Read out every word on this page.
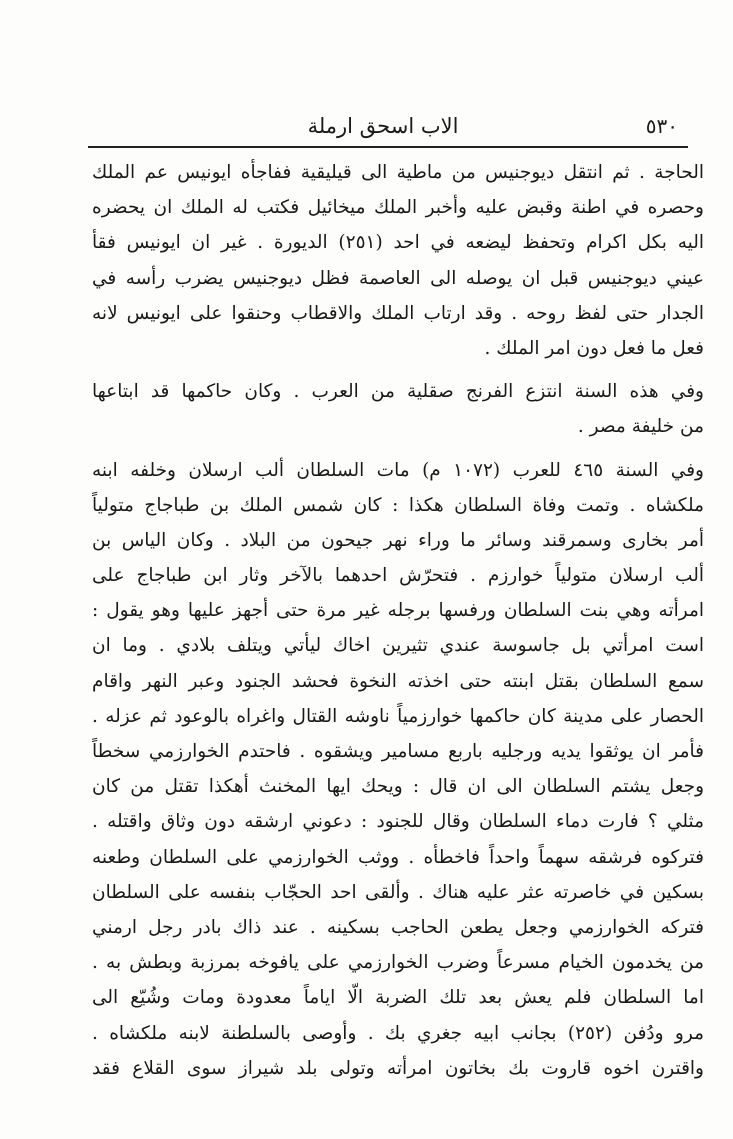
٥٣٠
الاب اسحق ارملة
الحاجة . ثم انتقل ديوجنيس من ماطية الى قيليقية ففاجأه ايونيس عم الملك
وحصره في اطنة وقبض عليه وأخبر الملك ميخائيل فكتب له الملك ان يحضره
اليه بكل اكرام وتحفظ ليضعه في احد (٢٥١) الديورة . غير ان ايونيس فقأ
عيني ديوجنيس قبل ان يوصله الى العاصمة فظل ديوجنيس يضرب رأسه في
الجدار حتى لفظ روحه . وقد ارتاب الملك والاقطاب وحنقوا على ايونيس لانه
فعل ما فعل دون امر الملك .
وفي هذه السنة انتزع الفرنج صقلية من العرب . وكان حاكمها قد ابتاعها
من خليفة مصر .
وفي السنة ٤٦٥ للعرب (١٠٧٢ م) مات السلطان ألب ارسلان وخلفه ابنه
ملكشاه . وتمت وفاة السلطان هكذا : كان شمس الملك بن طباجاج متولياً
أمر بخارى وسمرقند وسائر ما وراء نهر جيحون من البلاد . وكان الياس بن
ألب ارسلان متولياً خوارزم . فتحرّش احدهما بالآخر وثار ابن طباجاج على
امرأته وهي بنت السلطان ورفسها برجله غير مرة حتى أجهز عليها وهو يقول :
است امرأتي بل جاسوسة عندي تثيرين اخاك ليأتي ويتلف بلادي . وما ان
سمع السلطان بقتل ابنته حتى اخذته النخوة فحشد الجنود وعبر النهر واقام
الحصار على مدينة كان حاكمها خوارزمياً ناوشه القتال واغراه بالوعود ثم عزله .
فأمر ان يوثقوا يديه ورجليه باربع مسامير ويشقوه . فاحتدم الخوارزمي سخطاً
وجعل يشتم السلطان الى ان قال : ويحك ايها المخنث أهكذا تقتل من كان
مثلي ؟ فارت دماء السلطان وقال للجنود : دعوني ارشقه دون وثاق واقتله .
فتركوه فرشقه سهماً واحداً فاخطأه . ووثب الخوارزمي على السلطان وطعنه
بسكين في خاصرته عثر عليه هناك . وألقى احد الحجّاب بنفسه على السلطان
فتركه الخوارزمي وجعل يطعن الحاجب بسكينه . عند ذاك بادر رجل ارمني
من يخدمون الخيام مسرعاً وضرب الخوارزمي على يافوخه بمرزبة وبطش به .
اما السلطان فلم يعش بعد تلك الضربة الّا اياماً معدودة ومات وشُيّع الى
مرو ودُفن (٢٥٢) بجانب ابيه جغري بك . وأوصى بالسلطنة لابنه ملكشاه .
واقترن اخوه قاروت بك بخاتون امرأته وتولى بلد شيراز سوى القلاع فقد
